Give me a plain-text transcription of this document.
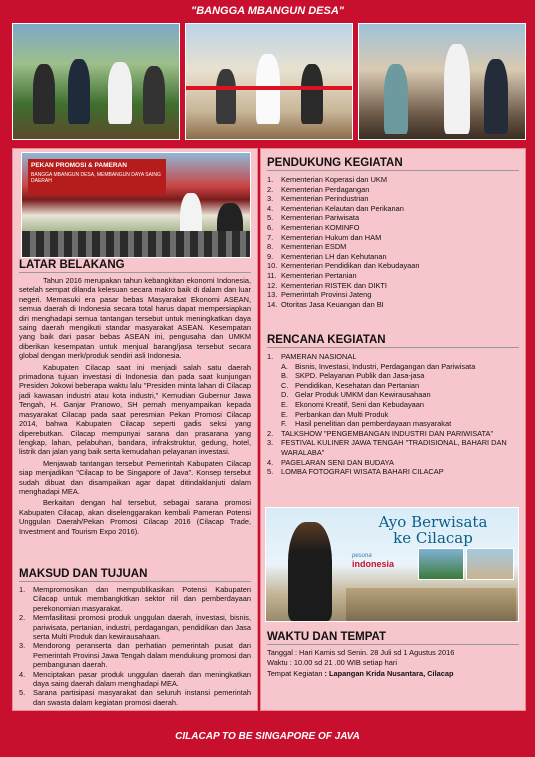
"BANGGA MBANGUN DESA"
PEKAN PROMOSI & PAMERAN
BANGGA MBANGUN DESA, MEMBANGUN DAYA SAING DAERAH
LATAR BELAKANG

Tahun 2016 merupakan tahun kebangkitan ekonomi Indonesia, setelah sempat dilanda kelesuan secara makro baik di dalam dan luar negeri. Memasuki era pasar bebas Masyarakat Ekonomi ASEAN, semua daerah di Indonesia secara total harus dapat mempersiapkan diri menghadapi semua tantangan tersebut untuk meningkatkan daya saing daerah mengikuti standar masyarakat ASEAN. Kesempatan yang baik dari pasar bebas ASEAN ini, pengusaha dan UMKM diberikan kesempatan untuk menjual barang/jasa tersebut secara global dengan merk/produk sendiri asli Indonesia.

Kabupaten Cilacap saat ini menjadi salah satu daerah primadona tujuan investasi di Indonesia dan pada saat kunjungan Presiden Jokowi beberapa waktu lalu "Presiden minta lahan di Cilacap jadi kawasan industri atau kota industri," Kemudian Gubernur Jawa Tengah, H. Ganjar Pranowo, SH pernah menyampaikan kepada masyarakat Cilacap pada saat peresmian Pekan Promosi Cilacap 2014, bahwa Kabupaten Cilacap seperti gadis seksi yang diperebutkan. Cilacap mempunyai sarana dan prasarana yang lengkap, lahan, pelabuhan, bandara, infrakstruktur, gedung, hotel, listrik dan jalan yang baik serta kemudahan pelayanan investasi.

Menjawab tantangan tersebut Pemerintah Kabupaten Cilacap siap menjadikan "Cilacap to be Singapore of Java". Konsep tersebut sudah dibuat dan disampaikan agar dapat ditindaklanjuti dalam menghadapi MEA.

Berkaitan dengan hal tersebut, sebagai sarana promosi Kabupaten Cilacap, akan diselenggarakan kembali Pameran Potensi Unggulan Daerah/Pekan Promosi Cilacap 2016 (Cilacap Trade, Investment and Tourism Expo 2016).

MAKSUD DAN TUJUAN
1.	Mempromosikan dan mempublikasikan Potensi Kabupaten Cilacap untuk membangkitkan sektor riil dan pemberdayaan perekonomian masyarakat.
2.	Memfasilitasi promosi produk unggulan daerah, investasi, bisnis, pariwisata, pertanian, industri, perdagangan, pendidikan dan Jasa serta Multi Produk dan kewirausahaan.
3.	Mendorong peranserta dan perhatian pemerintah pusat dan Pemerintah Provinsi Jawa Tengah dalam mendukung promosi dan pembangunan daerah.
4.	Menciptakan pasar produk unggulan daerah dan meningkatkan daya saing daerah dalam menghadapi MEA.
5.	Sarana partisipasi masyarakat dan seluruh instansi pemerintah dan swasta dalam kegiatan promosi daerah.
PENDUKUNG KEGIATAN
1.	Kementerian Koperasi dan UKM
2.	Kementerian Perdagangan
3.	Kementerian Perindustrian
4.	Kementerian Kelautan dan Perikanan
5.	Kementerian Pariwisata
6.	Kementerian KOMINFO
7.	Kementerian Hukum dan HAM
8.	Kementerian ESDM
9.	Kementerian LH dan Kehutanan
10. Kementerian Pendidikan dan Kebudayaan
11. Kementerian Pertanian
12. Kementerian RISTEK dan DIKTI
13. Pemerintah Provinsi Jateng
14. Otoritas Jasa Keuangan dan BI
RENCANA KEGIATAN
1.	PAMERAN NASIONAL
A. Bisnis, Investasi, Industri, Perdagangan dan Pariwisata
B. SKPD. Pelayanan Publik dan Jasa-jasa
C. Pendidikan, Kesehatan dan Pertanian
D. Gelar Produk UMKM dan Kewirausahaan
E. Ekonomi Kreatif, Seni dan Kebudayaan
E. Perbankan dan Multi Produk
F.	Hasil penelitian dan pemberdayaan masyarakat
2.	TALKSHOW "PENGEMBANGAN INDUSTRI DAN PARIWISATA"
3.	FESTIVAL KULINER JAWA TENGAH "TRADISIONAL, BAHARI DAN WARALABA"
4.	PAGELARAN SENI DAN BUDAYA
5.	LOMBA FOTOGRAFI WISATA BAHARI CILACAP
Ayo Berwisata
ke Cilacap
pesona
indonesia
WAKTU DAN TEMPAT
Tanggal : Hari Kamis sd Senin. 28 Juli sd 1 Agustus 2016
Waktu : 10.00 sd 21 .00 WIB setiap hari
Tempat Kegiatan : Lapangan Krida Nusantara, Cilacap
CILACAP TO BE SINGAPORE OF JAVA
